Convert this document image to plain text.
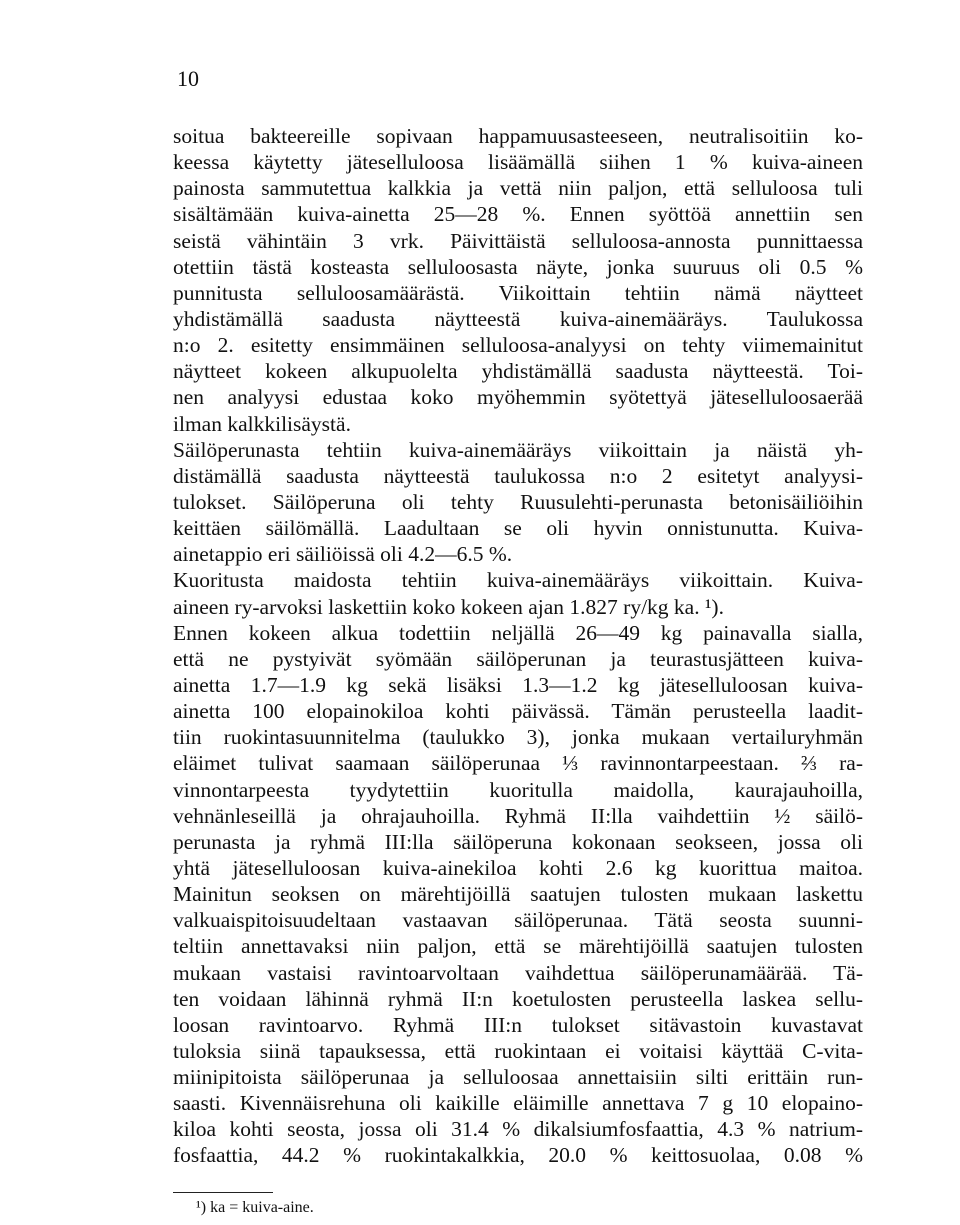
10
soitua bakteereille sopivaan happamuusasteeseen, neutralisoitiin ko-
keessa käytetty jäteselluloosa lisäämällä siihen 1 % kuiva-aineen
painosta sammutettua kalkkia ja vettä niin paljon, että selluloosa tuli
sisältämään kuiva-ainetta 25—28 %. Ennen syöttöä annettiin sen
seistä vähintäin 3 vrk. Päivittäistä selluloosa-annosta punnittaessa
otettiin tästä kosteasta selluloosasta näyte, jonka suuruus oli 0.5 %
punnitusta selluloosamäärästä. Viikoittain tehtiin nämä näytteet
yhdistämällä saadusta näytteestä kuiva-ainemääräys. Taulukossa
n:o 2. esitetty ensimmäinen selluloosa-analyysi on tehty viimemainitut
näytteet kokeen alkupuolelta yhdistämällä saadusta näytteestä. Toi-
nen analyysi edustaa koko myöhemmin syötettyä jäteselluloosaerää
ilman kalkkilisäystä.
Säilöperunasta tehtiin kuiva-ainemääräys viikoittain ja näistä yh-
distämällä saadusta näytteestä taulukossa n:o 2 esitetyt analyysi-
tulokset. Säilöperuna oli tehty Ruusulehti-perunasta betonisäiliöihin
keittäen säilömällä. Laadultaan se oli hyvin onnistunutta. Kuiva-
ainetappio eri säiliöissä oli 4.2—6.5 %.
Kuoritusta maidosta tehtiin kuiva-ainemääräys viikoittain. Kuiva-
aineen ry-arvoksi laskettiin koko kokeen ajan 1.827 ry/kg ka. ¹).
Ennen kokeen alkua todettiin neljällä 26—49 kg painavalla sialla,
että ne pystyivät syömään säilöperunan ja teurastusjätteen kuiva-
ainetta 1.7—1.9 kg sekä lisäksi 1.3—1.2 kg jäteselluloosan kuiva-
ainetta 100 elopainokiloa kohti päivässä. Tämän perusteella laadit-
tiin ruokintasuunnitelma (taulukko 3), jonka mukaan vertailuryhmän
eläimet tulivat saamaan säilöperunaa ⅓ ravinnontarpeestaan. ⅔ ra-
vinnontarpeesta tyydytettiin kuoritulla maidolla, kaurajauhoilla,
vehnänleseillä ja ohrajauhoilla. Ryhmä II:lla vaihdettiin ½ säilö-
perunasta ja ryhmä III:lla säilöperuna kokonaan seokseen, jossa oli
yhtä jäteselluloosan kuiva-ainekiloa kohti 2.6 kg kuorittua maitoa.
Mainitun seoksen on märehtijöillä saatujen tulosten mukaan laskettu
valkuaispitoisuudeltaan vastaavan säilöperunaa. Tätä seosta suunni-
teltiin annettavaksi niin paljon, että se märehtijöillä saatujen tulosten
mukaan vastaisi ravintoarvoltaan vaihdettua säilöperunamäärää. Tä-
ten voidaan lähinnä ryhmä II:n koetulosten perusteella laskea sellu-
loosan ravintoarvo. Ryhmä III:n tulokset sitävastoin kuvastavat
tuloksia siinä tapauksessa, että ruokintaan ei voitaisi käyttää C-vita-
miinipitoista säilöperunaa ja selluloosaa annettaisiin silti erittäin run-
saasti. Kivennäisrehuna oli kaikille eläimille annettava 7 g 10 elopaino-
kiloa kohti seosta, jossa oli 31.4 % dikalsiumfosfaattia, 4.3 % natrium-
fosfaattia, 44.2 % ruokintakalkkia, 20.0 % keittosuolaa, 0.08 %
¹) ka = kuiva-aine.
